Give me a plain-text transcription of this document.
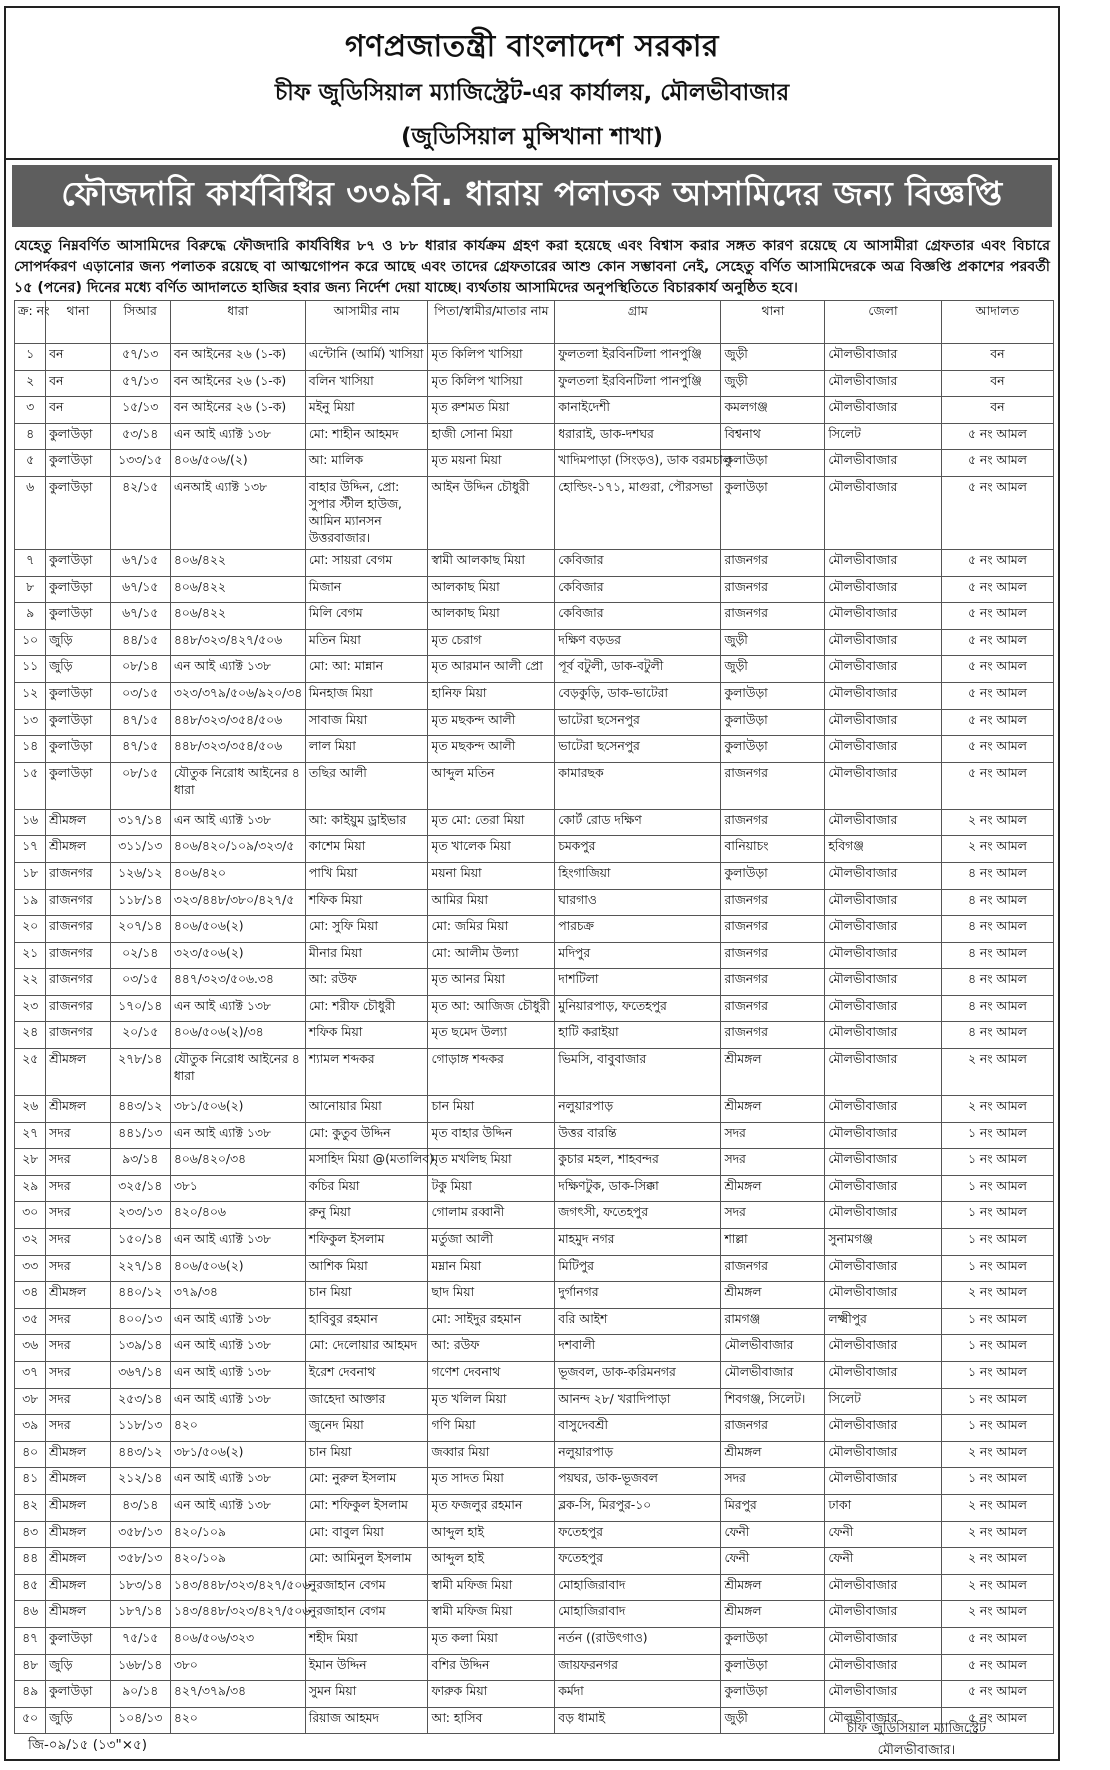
গণপ্রজাতন্ত্রী বাংলাদেশ সরকার
চীফ জুডিসিয়াল ম্যাজিস্ট্রেট-এর কার্যালয়, মৌলভীবাজার
(জুডিসিয়াল মুন্সিখানা শাখা)
ফৌজদারি কার্যবিধির ৩৩৯বি. ধারায় পলাতক আসামিদের জন্য বিজ্ঞপ্তি
যেহেতু নিম্নবর্ণিত আসামিদের বিরুদ্ধে ফৌজদারি কার্যবিধির ৮৭ ও ৮৮ ধারার কার্যক্রম গ্রহণ করা হয়েছে এবং বিশ্বাস করার সঙ্গত কারণ রয়েছে যে আসামীরা গ্রেফতার এবং বিচারে সোপর্দকরণ এড়ানোর জন্য পলাতক রয়েছে বা আত্মগোপন করে আছে এবং তাদের গ্রেফতারের আশু কোন সম্ভাবনা নেই, সেহেতু বর্ণিত আসামিদেরকে অত্র বিজ্ঞপ্তি প্রকাশের পরবর্তী ১৫ (পনের) দিনের মধ্যে বর্ণিত আদালতে হাজির হবার জন্য নির্দেশ দেয়া যাচ্ছে। ব্যর্থতায় আসামিদের অনুপস্থিতিতে বিচারকার্য অনুষ্ঠিত হবে।
ক্র: নং	থানা	সিআর	ধারা	আসামীর নাম	পিতা/স্বামীর/মাতার নাম	গ্রাম	থানা	জেলা	আদালত
১	বন	৫৭/১৩	বন আইনের ২৬ (১-ক)	এন্টোনি (আর্মি) খাসিয়া	মৃত কিলিপ খাসিয়া	ফুলতলা ইরবিনটিলা পানপুঞ্জি	জুড়ী	মৌলভীবাজার	বন
২	বন	৫৭/১৩	বন আইনের ২৬ (১-ক)	বলিন খাসিয়া	মৃত কিলিপ খাসিয়া	ফুলতলা ইরবিনটিলা পানপুঞ্জি	জুড়ী	মৌলভীবাজার	বন
৩	বন	১৫/১৩	বন আইনের ২৬ (১-ক)	মইনু মিয়া	মৃত রুশমত মিয়া	কানাইদেশী	কমলগঞ্জ	মৌলভীবাজার	বন
৪	কুলাউড়া	৫৩/১৪	এন আই এ্যাক্ট ১৩৮	মো: শাহীন আহমদ	হাজী সোনা মিয়া	ধরারাই, ডাক-দশঘর	বিশ্বনাথ	সিলেট	৫ নং আমল
৫	কুলাউড়া	১৩৩/১৫	৪০৬/৫০৬/(২)	আ: মালিক	মৃত ময়না মিয়া	খাদিমপাড়া (সিংড়ও), ডাক বরমচাল	কুলাউড়া	মৌলভীবাজার	৫ নং আমল
৬	কুলাউড়া	৪২/১৫	এনআই এ্যাক্ট ১৩৮	বাহার উদ্দিন, প্রো: সুপার স্টীল হাউজ, আমিন ম্যানসন উত্তরবাজার।	আইন উদ্দিন চৌধুরী	হোল্ডিং-১৭১, মাগুরা, পৌরসভা	কুলাউড়া	মৌলভীবাজার	৫ নং আমল
৭	কুলাউড়া	৬৭/১৫	৪০৬/৪২২	মো: সায়রা বেগম	স্বামী আলকাছ মিয়া	কেবিজার	রাজনগর	মৌলভীবাজার	৫ নং আমল
৮	কুলাউড়া	৬৭/১৫	৪০৬/৪২২	মিজান	আলকাছ মিয়া	কেবিজার	রাজনগর	মৌলভীবাজার	৫ নং আমল
৯	কুলাউড়া	৬৭/১৫	৪০৬/৪২২	মিলি বেগম	আলকাছ মিয়া	কেবিজার	রাজনগর	মৌলভীবাজার	৫ নং আমল
১০	জুড়ি	৪৪/১৫	৪৪৮/৩২৩/৪২৭/৫০৬	মতিন মিয়া	মৃত চেরাগ	দক্ষিণ বড়ডর	জুড়ী	মৌলভীবাজার	৫ নং আমল
১১	জুড়ি	০৮/১৪	এন আই এ্যাক্ট ১৩৮	মো: আ: মান্নান	মৃত আরমান আলী প্রো	পূর্ব বটুলী, ডাক-বটুলী	জুড়ী	মৌলভীবাজার	৫ নং আমল
১২	কুলাউড়া	০৩/১৫	৩২৩/৩৭৯/৫০৬/৯২০/৩৪	মিনহাজ মিয়া	হানিফ মিয়া	বেড়কুড়ি, ডাক-ভাটেরা	কুলাউড়া	মৌলভীবাজার	৫ নং আমল
১৩	কুলাউড়া	৪৭/১৫	৪৪৮/৩২৩/৩৫৪/৫০৬	সাবাজ মিয়া	মৃত মছকন্দ আলী	ভাটেরা ছসেনপুর	কুলাউড়া	মৌলভীবাজার	৫ নং আমল
১৪	কুলাউড়া	৪৭/১৫	৪৪৮/৩২৩/৩৫৪/৫০৬	লাল মিয়া	মৃত মছকন্দ আলী	ভাটেরা ছসেনপুর	কুলাউড়া	মৌলভীবাজার	৫ নং আমল
১৫	কুলাউড়া	০৮/১৫	যৌতুক নিরোধ আইনের ৪ ধারা	তছির আলী	আব্দুল মতিন	কামারছক	রাজনগর	মৌলভীবাজার	৫ নং আমল
১৬	শ্রীমঙ্গল	৩১৭/১৪	এন আই এ্যাক্ট ১৩৮	আ: কাইয়ুম ড্রাইভার	মৃত মো: তেরা মিয়া	কোর্ট রোড দক্ষিণ	রাজনগর	মৌলভীবাজার	২ নং আমল
১৭	শ্রীমঙ্গল	৩১১/১৩	৪০৬/৪২০/১০৯/৩২৩/৫	কাশেম মিয়া	মৃত খালেক মিয়া	চমকপুর	বানিয়াচং	হবিগঞ্জ	২ নং আমল
১৮	রাজনগর	১২৬/১২	৪০৬/৪২০	পাখি মিয়া	ময়না মিয়া	হিংগাজিয়া	কুলাউড়া	মৌলভীবাজার	৪ নং আমল
১৯	রাজনগর	১১৮/১৪	৩২৩/৪৪৮/৩৮০/৪২৭/৫	শফিক মিয়া	আমির মিয়া	ঘারগাও	রাজনগর	মৌলভীবাজার	৪ নং আমল
২০	রাজনগর	২০৭/১৪	৪০৬/৫০৬(২)	মো: সুফি মিয়া	মো: জমির মিয়া	পারচক্র	রাজনগর	মৌলভীবাজার	৪ নং আমল
২১	রাজনগর	০২/১৪	৩২৩/৫০৬(২)	মীনার মিয়া	মো: আলীম উল্যা	মদিপুর	রাজনগর	মৌলভীবাজার	৪ নং আমল
২২	রাজনগর	০৩/১৫	৪৪৭/৩২৩/৫০৬.৩৪	আ: রউফ	মৃত আনর মিয়া	দাশটিলা	রাজনগর	মৌলভীবাজার	৪ নং আমল
২৩	রাজনগর	১৭০/১৪	এন আই এ্যাক্ট ১৩৮	মো: শরীফ চৌধুরী	মৃত আ: আজিজ চৌধুরী	মুনিয়ারপাড়, ফতেহপুর	রাজনগর	মৌলভীবাজার	৪ নং আমল
২৪	রাজনগর	২০/১৫	৪০৬/৫০৬(২)/৩৪	শফিক মিয়া	মৃত ছমেদ উল্যা	হাটি করাইয়া	রাজনগর	মৌলভীবাজার	৪ নং আমল
২৫	শ্রীমঙ্গল	২৭৮/১৪	যৌতুক নিরোধ আইনের ৪ ধারা	শ্যামল শব্দকর	গোড়াঙ্গ শব্দকর	ভিমসি, বাবুবাজার	শ্রীমঙ্গল	মৌলভীবাজার	২ নং আমল
২৬	শ্রীমঙ্গল	৪৪৩/১২	৩৮১/৫০৬(২)	আনোয়ার মিয়া	চান মিয়া	নলুয়ারপাড়	শ্রীমঙ্গল	মৌলভীবাজার	২ নং আমল
২৭	সদর	৪৪১/১৩	এন আই এ্যাক্ট ১৩৮	মো: কুতুব উদ্দিন	মৃত বাহার উদ্দিন	উত্তর বারন্তি	সদর	মৌলভীবাজার	১ নং আমল
২৮	সদর	৯৩/১৪	৪০৬/৪২০/৩৪	মসাহিদ মিয়া @(মতালিব)	মৃত মখলিছ মিয়া	কুচার মহল, শাহবন্দর	সদর	মৌলভীবাজার	১ নং আমল
২৯	সদর	৩২৫/১৪	৩৮১	কচির মিয়া	টকু মিয়া	দক্ষিণটুক, ডাক-সিক্কা	শ্রীমঙ্গল	মৌলভীবাজার	১ নং আমল
৩০	সদর	২৩৩/১৩	৪২০/৪০৬	রুনু মিয়া	গোলাম রব্বানী	জগৎসী, ফতেহপুর	সদর	মৌলভীবাজার	১ নং আমল
৩২	সদর	১৫০/১৪	এন আই এ্যাক্ট ১৩৮	শফিকুল ইসলাম	মর্তুজা আলী	মাহমুদ নগর	শাল্লা	সুনামগঞ্জ	১ নং আমল
৩৩	সদর	২২৭/১৪	৪০৬/৫০৬(২)	আশিক মিয়া	মম্নান মিয়া	মিটিপুর	রাজনগর	মৌলভীবাজার	১ নং আমল
৩৪	শ্রীমঙ্গল	৪৪০/১২	৩৭৯/৩৪	চান মিয়া	ছাদ মিয়া	দুর্গানগর	শ্রীমঙ্গল	মৌলভীবাজার	২ নং আমল
৩৫	সদর	৪০০/১৩	এন আই এ্যাক্ট ১৩৮	হাবিবুর রহমান	মো: সাইদুর রহমান	বরি আইশ	রামগঞ্জ	লক্ষ্মীপুর	১ নং আমল
৩৬	সদর	১৩৯/১৪	এন আই এ্যাক্ট ১৩৮	মো: দেলোয়ার আহমদ	আ: রউফ	দশবালী	মৌলভীবাজার	মৌলভীবাজার	১ নং আমল
৩৭	সদর	৩৬৭/১৪	এন আই এ্যাক্ট ১৩৮	ইরেশ দেবনাথ	গণেশ দেবনাথ	ভূজবল, ডাক-করিমনগর	মৌলভীবাজার	মৌলভীবাজার	১ নং আমল
৩৮	সদর	২৫৩/১৪	এন আই এ্যাক্ট ১৩৮	জাহেদা আক্তার	মৃত খলিল মিয়া	আনন্দ ২৮/ খরাদিপাড়া	শিবগঞ্জ, সিলেট।	সিলেট	১ নং আমল
৩৯	সদর	১১৮/১৩	৪২০	জুনেদ মিয়া	গণি মিয়া	বাসুদেবশ্রী	রাজনগর	মৌলভীবাজার	১ নং আমল
৪০	শ্রীমঙ্গল	৪৪৩/১২	৩৮১/৫০৬(২)	চান মিয়া	জব্বার মিয়া	নলুয়ারপাড়	শ্রীমঙ্গল	মৌলভীবাজার	২ নং আমল
৪১	শ্রীমঙ্গল	২১২/১৪	এন আই এ্যাক্ট ১৩৮	মো: নুরুল ইসলাম	মৃত সাদত মিয়া	পয়ঘর, ডাক-ভূজবল	সদর	মৌলভীবাজার	১ নং আমল
৪২	শ্রীমঙ্গল	৪৩/১৪	এন আই এ্যাক্ট ১৩৮	মো: শফিকুল ইসলাম	মৃত ফজলুর রহমান	ব্লক-সি, মিরপুর-১০	মিরপুর	ঢাকা	২ নং আমল
৪৩	শ্রীমঙ্গল	৩৫৮/১৩	৪২০/১০৯	মো: বাবুল মিয়া	আব্দুল হাই	ফতেহপুর	ফেনী	ফেনী	২ নং আমল
৪৪	শ্রীমঙ্গল	৩৫৮/১৩	৪২০/১০৯	মো: আমিনুল ইসলাম	আব্দুল হাই	ফতেহপুর	ফেনী	ফেনী	২ নং আমল
৪৫	শ্রীমঙ্গল	১৮৩/১৪	১৪৩/৪৪৮/৩২৩/৪২৭/৫০৬	নুরজাহান বেগম	স্বামী মফিজ মিয়া	মোহাজিরাবাদ	শ্রীমঙ্গল	মৌলভীবাজার	২ নং আমল
৪৬	শ্রীমঙ্গল	১৮৭/১৪	১৪৩/৪৪৮/৩২৩/৪২৭/৫০৬	নুরজাহান বেগম	স্বামী মফিজ মিয়া	মোহাজিরাবাদ	শ্রীমঙ্গল	মৌলভীবাজার	২ নং আমল
৪৭	কুলাউড়া	৭৫/১৫	৪০৬/৫০৬/৩২৩	শহীদ মিয়া	মৃত কলা মিয়া	নর্তন ((রাউৎগাও)	কুলাউড়া	মৌলভীবাজার	৫ নং আমল
৪৮	জুড়ি	১৬৮/১৪	৩৮০	ইমান উদ্দিন	বশির উদ্দিন	জায়ফরনগর	কুলাউড়া	মৌলভীবাজার	৫ নং আমল
৪৯	কুলাউড়া	৯০/১৪	৪২৭/৩৭৯/৩৪	সুমন মিয়া	ফারুক মিয়া	কর্মদা	কুলাউড়া	মৌলভীবাজার	৫ নং আমল
৫০	জুড়ি	১০৪/১৩	৪২০	রিয়াজ আহমদ	আ: হাসিব	বড় ধামাই	জুড়ী	মৌলভীবাজার	৫ নং আমল
জি-০৯/১৫ (১৩"×৫)
চীফ জুডিসিয়াল ম্যাজিস্ট্রেট
মৌলভীবাজার।
